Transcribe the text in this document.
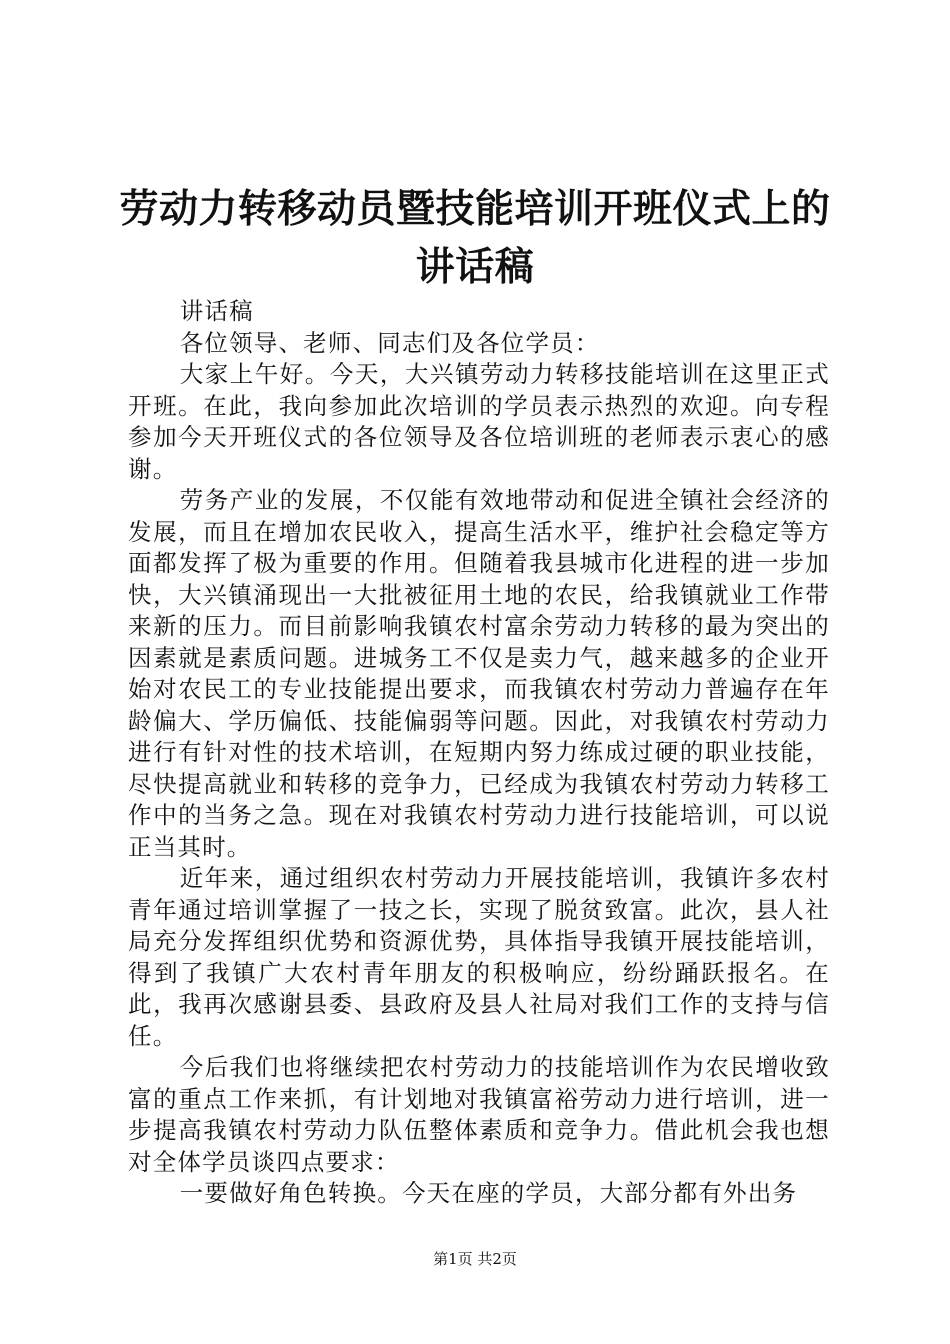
劳动力转移动员暨技能培训开班仪式上的讲话稿

讲话稿

各位领导、老师、同志们及各位学员：

大家上午好。今天，大兴镇劳动力转移技能培训在这里正式开班。在此，我向参加此次培训的学员表示热烈的欢迎。向专程参加今天开班仪式的各位领导及各位培训班的老师表示衷心的感谢。

劳务产业的发展，不仅能有效地带动和促进全镇社会经济的发展，而且在增加农民收入，提高生活水平，维护社会稳定等方面都发挥了极为重要的作用。但随着我县城市化进程的进一步加快，大兴镇涌现出一大批被征用土地的农民，给我镇就业工作带来新的压力。而目前影响我镇农村富余劳动力转移的最为突出的因素就是素质问题。进城务工不仅是卖力气，越来越多的企业开始对农民工的专业技能提出要求，而我镇农村劳动力普遍存在年龄偏大、学历偏低、技能偏弱等问题。因此，对我镇农村劳动力进行有针对性的技术培训，在短期内努力练成过硬的职业技能，尽快提高就业和转移的竞争力，已经成为我镇农村劳动力转移工作中的当务之急。现在对我镇农村劳动力进行技能培训，可以说正当其时。

近年来，通过组织农村劳动力开展技能培训，我镇许多农村青年通过培训掌握了一技之长，实现了脱贫致富。此次，县人社局充分发挥组织优势和资源优势，具体指导我镇开展技能培训，得到了我镇广大农村青年朋友的积极响应，纷纷踊跃报名。在此，我再次感谢县委、县政府及县人社局对我们工作的支持与信任。

今后我们也将继续把农村劳动力的技能培训作为农民增收致富的重点工作来抓，有计划地对我镇富裕劳动力进行培训，进一步提高我镇农村劳动力队伍整体素质和竞争力。借此机会我也想对全体学员谈四点要求：

一要做好角色转换。今天在座的学员，大部分都有外出务

第1页 共2页
